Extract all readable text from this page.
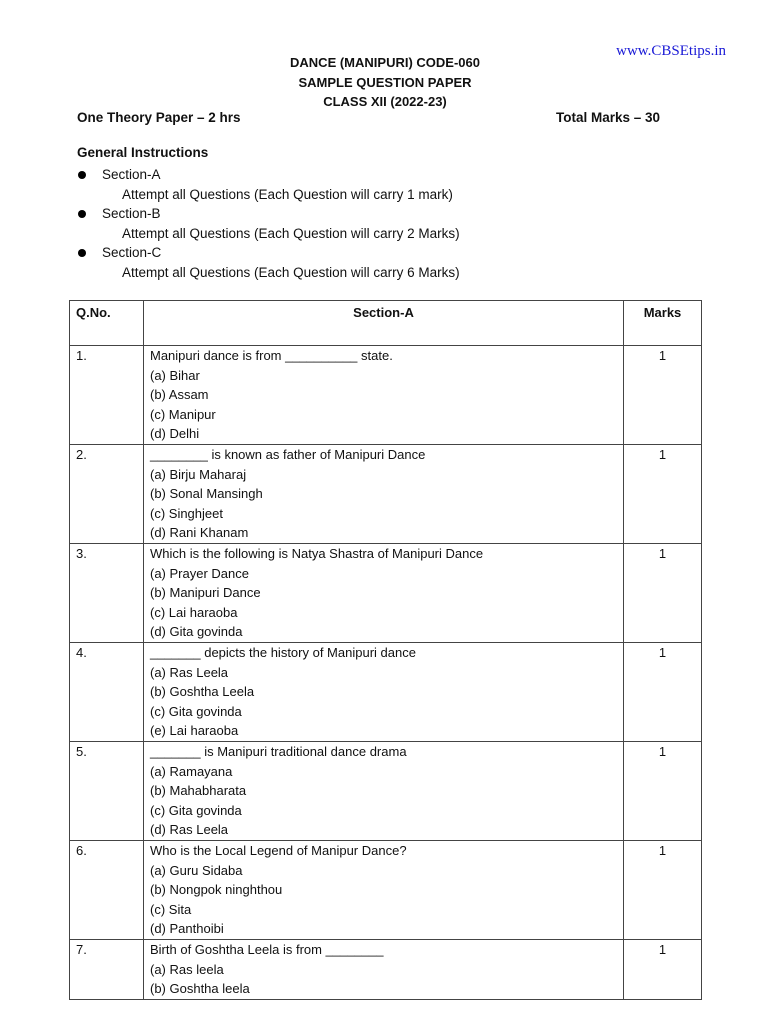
www.CBSEtips.in
DANCE (MANIPURI) CODE-060
SAMPLE QUESTION PAPER
CLASS XII (2022-23)
One Theory Paper – 2 hrs	Total Marks – 30
General Instructions
Section-A
Attempt all Questions (Each Question will carry 1 mark)
Section-B
Attempt all Questions (Each Question will carry 2 Marks)
Section-C
Attempt all Questions (Each Question will carry 6 Marks)
Q.No.	Section-A	Marks
1.	Manipuri dance is from __________ state.
(a) Bihar
(b) Assam
(c) Manipur
(d) Delhi	1
2.	________ is known as father of Manipuri Dance
(a) Birju Maharaj
(b) Sonal Mansingh
(c) Singhjeet
(d) Rani Khanam	1
3.	Which is the following is Natya Shastra of Manipuri Dance
(a) Prayer Dance
(b) Manipuri Dance
(c) Lai haraoba
(d) Gita govinda	1
4.	_______ depicts the history of Manipuri dance
(a) Ras Leela
(b) Goshtha Leela
(c) Gita govinda
(e) Lai haraoba	1
5.	_______ is Manipuri traditional dance drama
(a) Ramayana
(b) Mahabharata
(c) Gita govinda
(d) Ras Leela	1
6.	Who is the Local Legend of Manipur Dance?
(a) Guru Sidaba
(b) Nongpok ninghthou
(c) Sita
(d) Panthoibi	1
7.	Birth of Goshtha Leela is from ________
(a) Ras leela
(b) Goshtha leela	1
